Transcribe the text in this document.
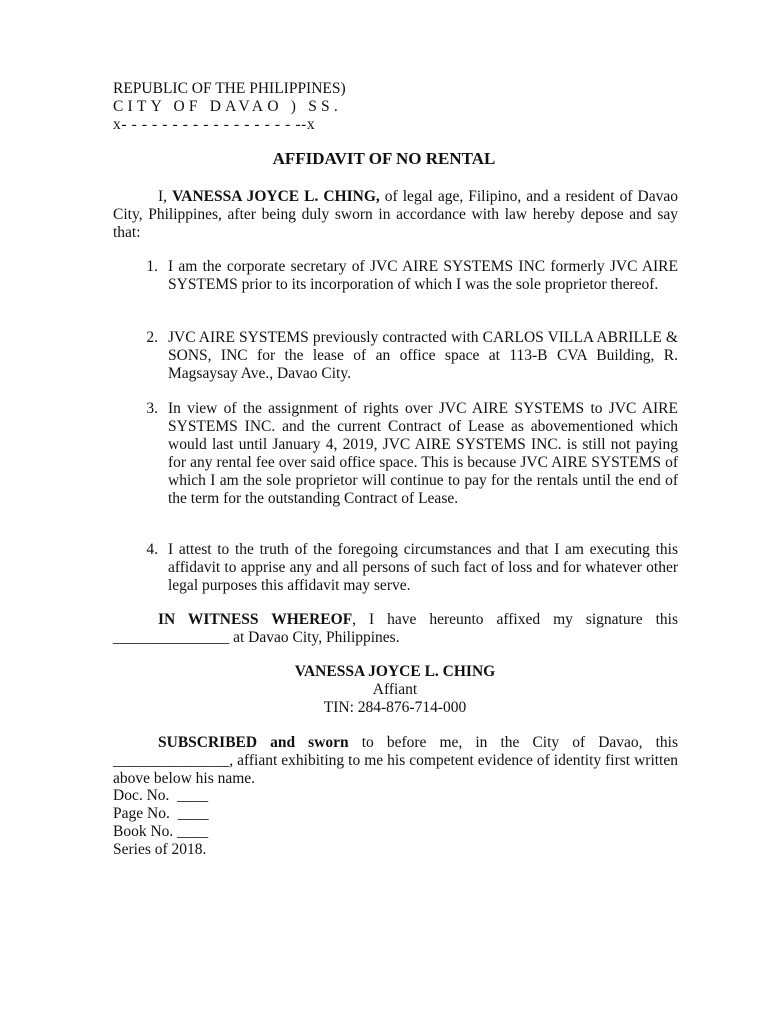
REPUBLIC OF THE PHILIPPINES)
CITY OF DAVAO ) SS.
x- - - - - - - - - - - - - - - - - --x
AFFIDAVIT OF NO RENTAL
I, VANESSA JOYCE L. CHING, of legal age, Filipino, and a resident of Davao City, Philippines, after being duly sworn in accordance with law hereby depose and say that:
1. I am the corporate secretary of JVC AIRE SYSTEMS INC formerly JVC AIRE SYSTEMS prior to its incorporation of which I was the sole proprietor thereof.
2. JVC AIRE SYSTEMS previously contracted with CARLOS VILLA ABRILLE & SONS, INC for the lease of an office space at 113-B CVA Building, R. Magsaysay Ave., Davao City.
3. In view of the assignment of rights over JVC AIRE SYSTEMS to JVC AIRE SYSTEMS INC. and the current Contract of Lease as abovementioned which would last until January 4, 2019, JVC AIRE SYSTEMS INC. is still not paying for any rental fee over said office space. This is because JVC AIRE SYSTEMS of which I am the sole proprietor will continue to pay for the rentals until the end of the term for the outstanding Contract of Lease.
4. I attest to the truth of the foregoing circumstances and that I am executing this affidavit to apprise any and all persons of such fact of loss and for whatever other legal purposes this affidavit may serve.
IN WITNESS WHEREOF, I have hereunto affixed my signature this _______________ at Davao City, Philippines.
VANESSA JOYCE L. CHING
Affiant
TIN: 284-876-714-000
SUBSCRIBED and sworn to before me, in the City of Davao, this _______________, affiant exhibiting to me his competent evidence of identity first written above below his name.
Doc. No.  ____
Page No.  ____
Book No. ____
Series of 2018.
